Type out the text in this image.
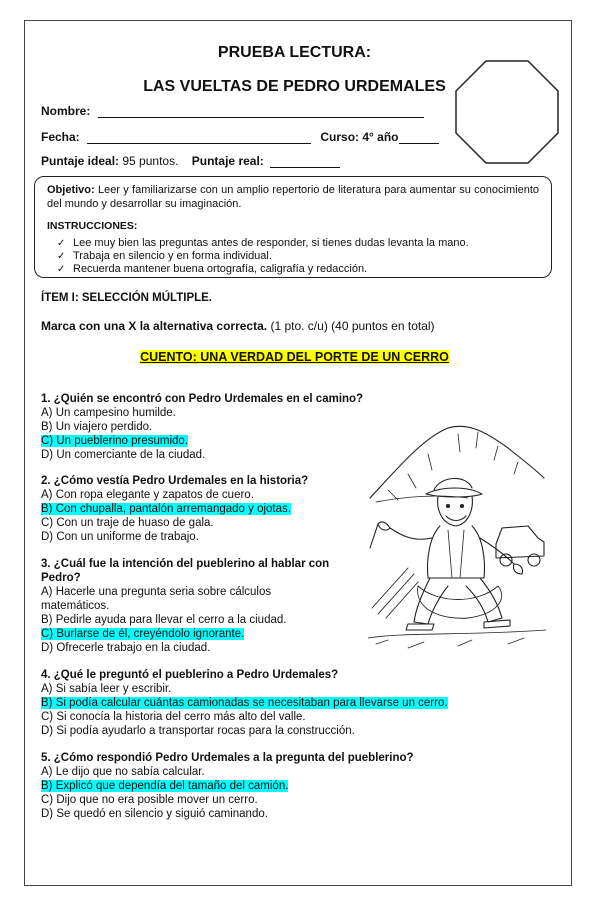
PRUEBA LECTURA:
LAS VUELTAS DE PEDRO URDEMALES
Nombre:
Fecha:	Curso: 4° año
Puntaje ideal: 95 puntos. Puntaje real:

Objetivo: Leer y familiarizarse con un amplio repertorio de literatura para aumentar su conocimiento del mundo y desarrollar su imaginación.

INSTRUCCIONES:
✓ Lee muy bien las preguntas antes de responder, si tienes dudas levanta la mano.
✓ Trabaja en silencio y en forma individual.
✓ Recuerda mantener buena ortografía, caligrafía y redacción.
ÍTEM I: SELECCIÓN MÚLTIPLE.
Marca con una X la alternativa correcta. (1 pto. c/u) (40 puntos en total)
CUENTO: UNA VERDAD DEL PORTE DE UN CERRO
1. ¿Quién se encontró con Pedro Urdemales en el camino?
A) Un campesino humilde.
B) Un viajero perdido.
C) Un pueblerino presumido.
D) Un comerciante de la ciudad.
2. ¿Cómo vestía Pedro Urdemales en la historia?
A) Con ropa elegante y zapatos de cuero.
B) Con chupalla, pantalón arremangado y ojotas.
C) Con un traje de huaso de gala.
D) Con un uniforme de trabajo.
3. ¿Cuál fue la intención del pueblerino al hablar con
Pedro?
A) Hacerle una pregunta seria sobre cálculos
matemáticos.
B) Pedirle ayuda para llevar el cerro a la ciudad.
C) Burlarse de él, creyéndolo ignorante.
D) Ofrecerle trabajo en la ciudad.
4. ¿Qué le preguntó el pueblerino a Pedro Urdemales?
A) Si sabía leer y escribir.
B) Si podía calcular cuántas camionadas se necesitaban para llevarse un cerro.
C) Si conocía la historia del cerro más alto del valle.
D) Si podía ayudarlo a transportar rocas para la construcción.
5. ¿Cómo respondió Pedro Urdemales a la pregunta del pueblerino?
A) Le dijo que no sabía calcular.
B) Explicó que dependía del tamaño del camión.
C) Dijo que no era posible mover un cerro.
D) Se quedó en silencio y siguió caminando.
